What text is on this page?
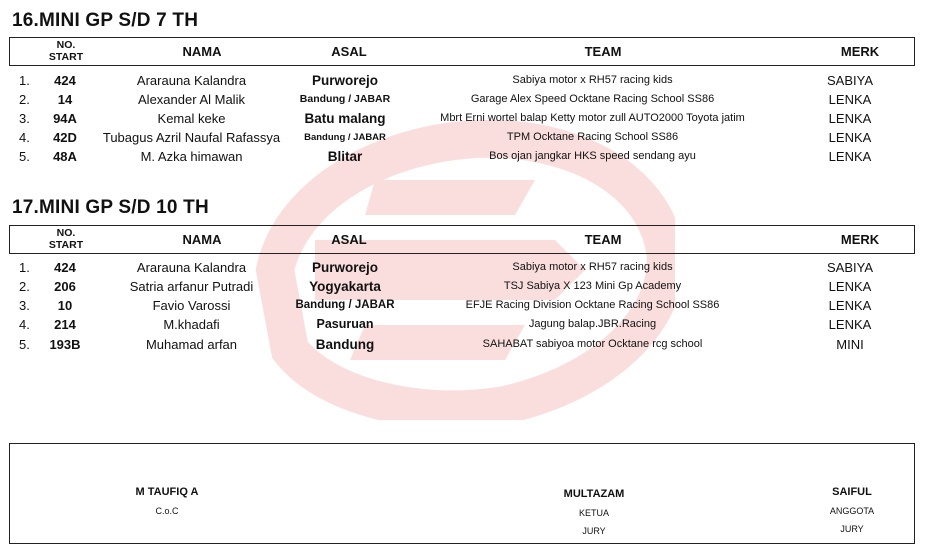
16.MINI GP S/D 7 TH
NO.
START	NAMA	ASAL	TEAM	MERK
1.	424	Ararauna Kalandra	Purworejo	Sabiya motor x RH57 racing kids	SABIYA
2.	14	Alexander Al Malik	Bandung / JABAR	Garage Alex Speed Ocktane Racing School SS86	LENKA
3.	94A	Kemal keke	Batu malang	Mbrt Erni wortel balap Ketty motor zull AUTO2000 Toyota jatim	LENKA
4.	42D	Tubagus Azril Naufal Rafassya	Bandung / JABAR	TPM Ocktane Racing School SS86	LENKA
5.	48A	M. Azka himawan	Blitar	Bos ojan jangkar HKS speed sendang ayu	LENKA
17.MINI GP S/D 10 TH
NO.
START	NAMA	ASAL	TEAM	MERK
1.	424	Ararauna Kalandra	Purworejo	Sabiya motor x RH57 racing kids	SABIYA
2.	206	Satria arfanur Putradi	Yogyakarta	TSJ Sabiya X 123 Mini Gp Academy	LENKA
3.	10	Favio Varossi	Bandung / JABAR	EFJE Racing Division Ocktane Racing School SS86	LENKA
4.	214	M.khadafi	Pasuruan	Jagung balap.JBR.Racing	LENKA
5.	193B	Muhamad arfan	Bandung	SAHABAT sabiyoa motor Ocktane rcg school	MINI
M TAUFIQ A
C.o.C
MULTAZAM
KETUA
JURY
SAIFUL
ANGGOTA
JURY
